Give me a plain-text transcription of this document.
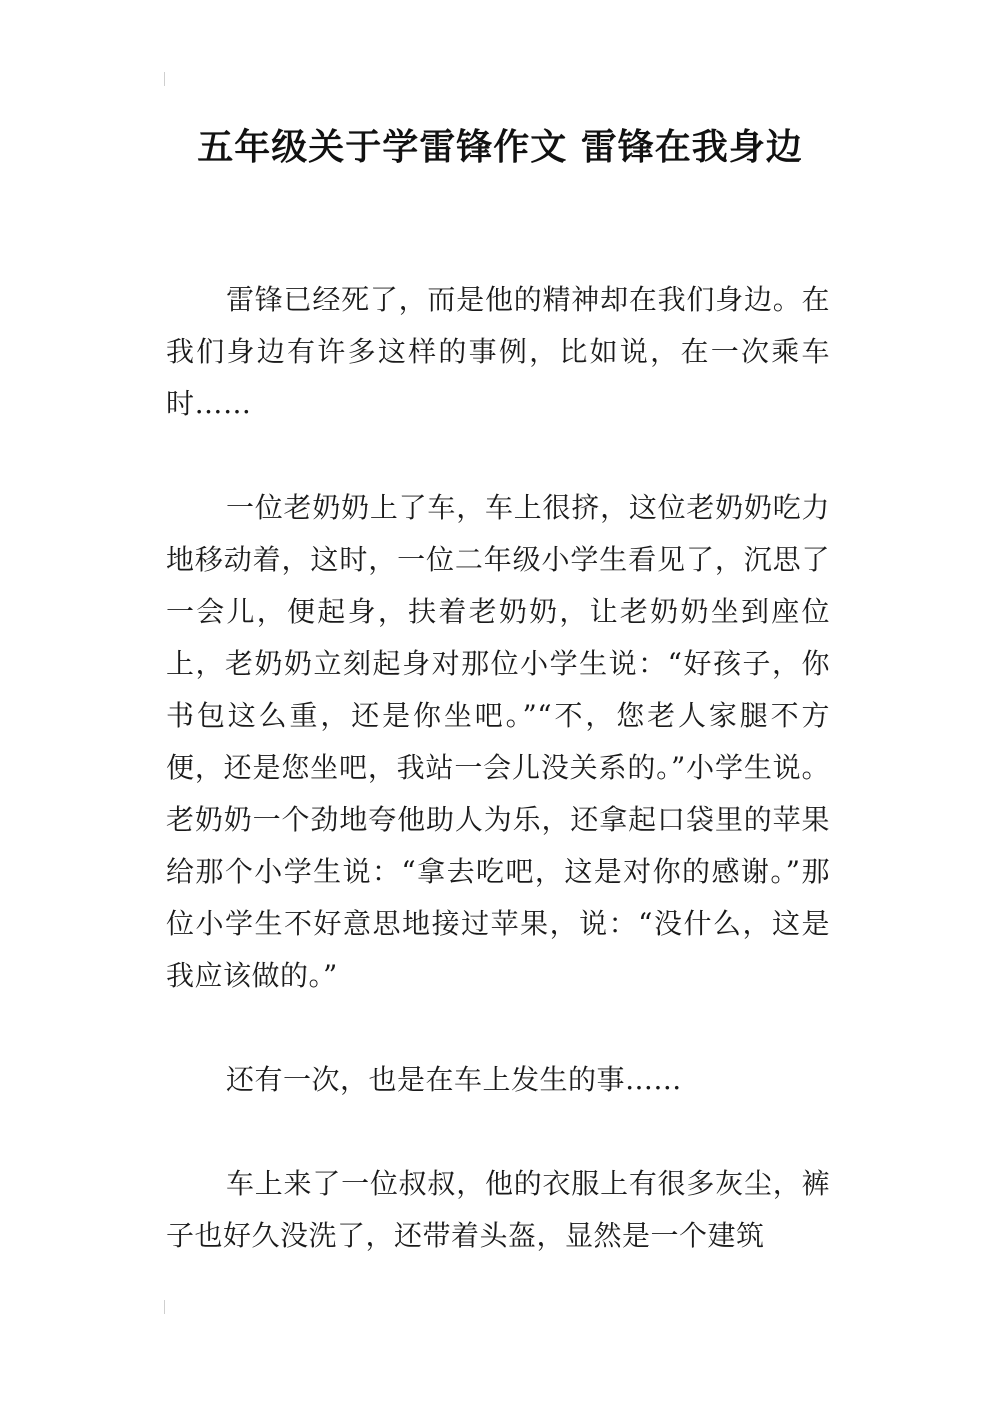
五年级关于学雷锋作文 雷锋在我身边

雷锋已经死了，而是他的精神却在我们身边。在我们身边有许多这样的事例，比如说，在一次乘车时……

一位老奶奶上了车，车上很挤，这位老奶奶吃力地移动着，这时，一位二年级小学生看见了，沉思了一会儿，便起身，扶着老奶奶，让老奶奶坐到座位上，老奶奶立刻起身对那位小学生说：“好孩子，你书包这么重，还是你坐吧。”“不，您老人家腿不方便，还是您坐吧，我站一会儿没关系的。”小学生说。老奶奶一个劲地夸他助人为乐，还拿起口袋里的苹果给那个小学生说：“拿去吃吧，这是对你的感谢。”那位小学生不好意思地接过苹果，说：“没什么，这是我应该做的。”

还有一次，也是在车上发生的事…...

车上来了一位叔叔，他的衣服上有很多灰尘，裤子也好久没洗了，还带着头盔，显然是一个建筑
